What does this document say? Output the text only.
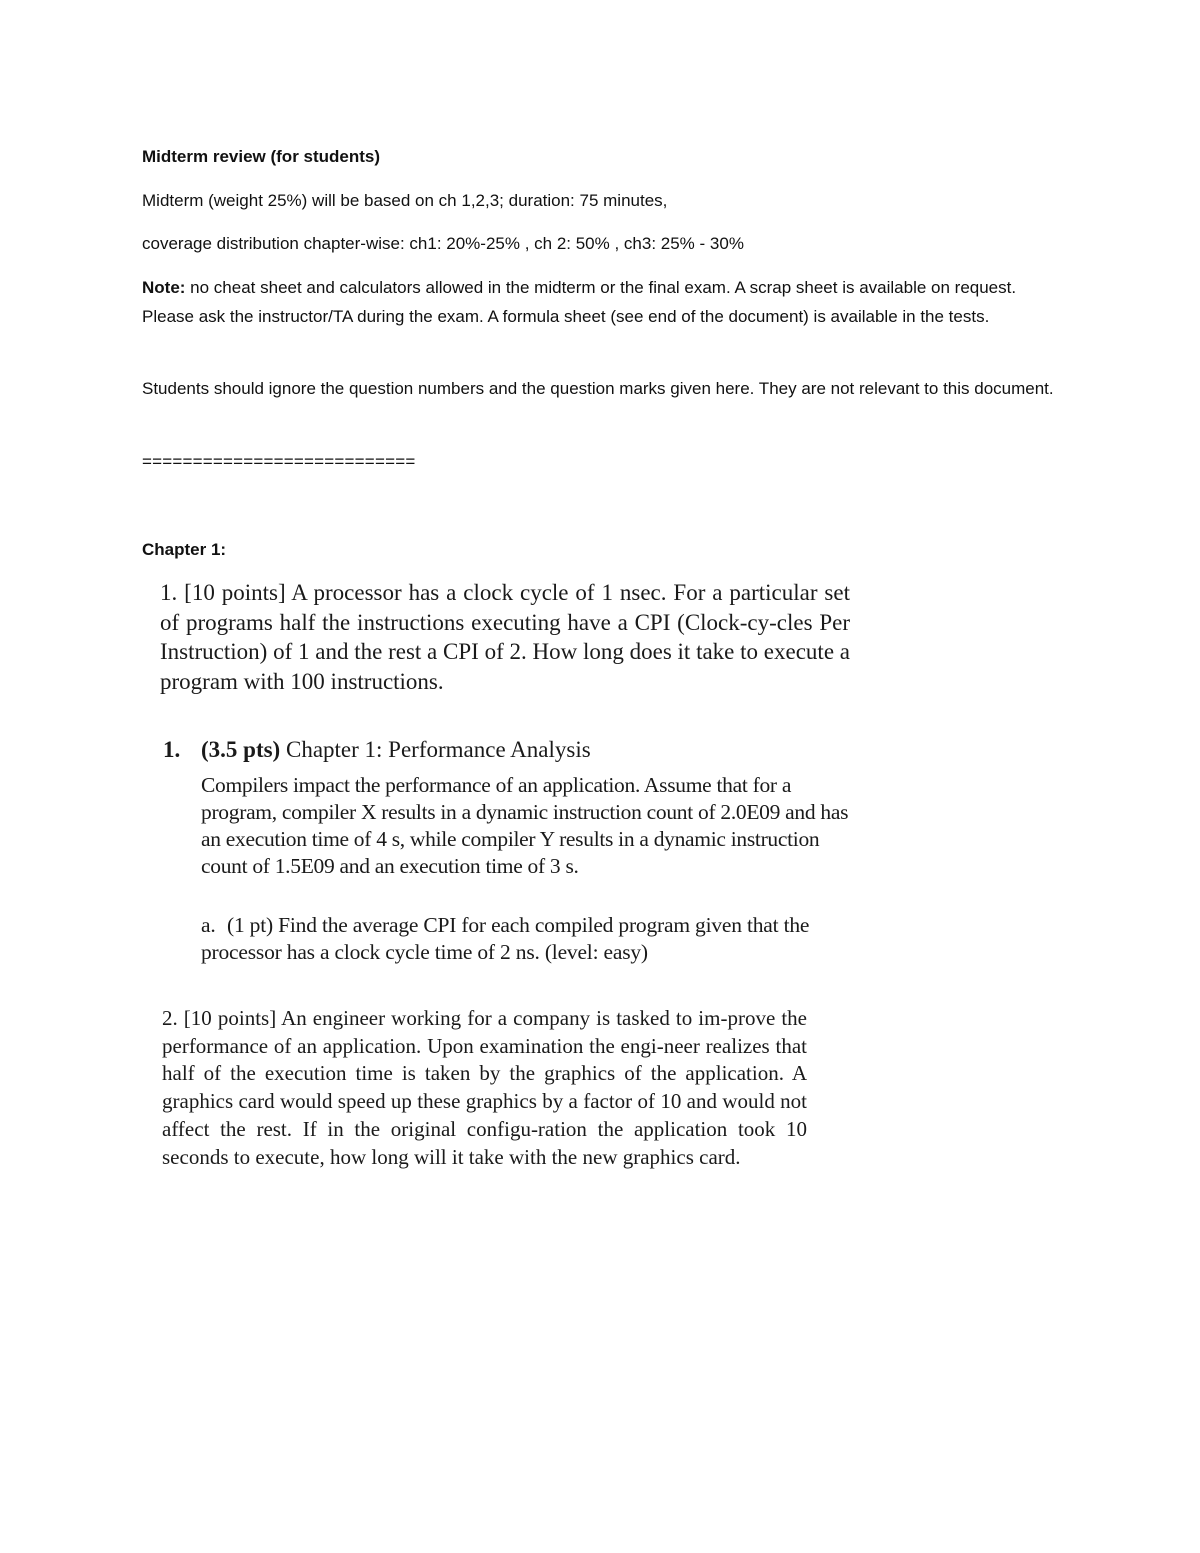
Midterm review (for students)

Midterm (weight 25%) will be based on ch 1,2,3; duration: 75 minutes,

coverage distribution chapter-wise: ch1: 20%-25% , ch 2: 50% , ch3: 25% - 30%

Note: no cheat sheet and calculators allowed in the midterm or the final exam. A scrap sheet is available on request. Please ask the instructor/TA during the exam. A formula sheet (see end of the document) is available in the tests.

Students should ignore the question numbers and the question marks given here. They are not relevant to this document.

===========================

Chapter 1:

1. [10 points] A processor has a clock cycle of 1 nsec. For a particular set of programs half the instructions executing have a CPI (Clock-cy-cles Per Instruction) of 1 and the rest a CPI of 2. How long does it take to execute a program with 100 instructions.

1. (3.5 pts) Chapter 1: Performance Analysis

Compilers impact the performance of an application. Assume that for a program, compiler X results in a dynamic instruction count of 2.0E09 and has an execution time of 4 s, while compiler Y results in a dynamic instruction count of 1.5E09 and an execution time of 3 s.

a. (1 pt) Find the average CPI for each compiled program given that the processor has a clock cycle time of 2 ns. (level: easy)

2. [10 points] An engineer working for a company is tasked to im-prove the performance of an application. Upon examination the engi-neer realizes that half of the execution time is taken by the graphics of the application. A graphics card would speed up these graphics by a factor of 10 and would not affect the rest. If in the original configu-ration the application took 10 seconds to execute, how long will it take with the new graphics card.
